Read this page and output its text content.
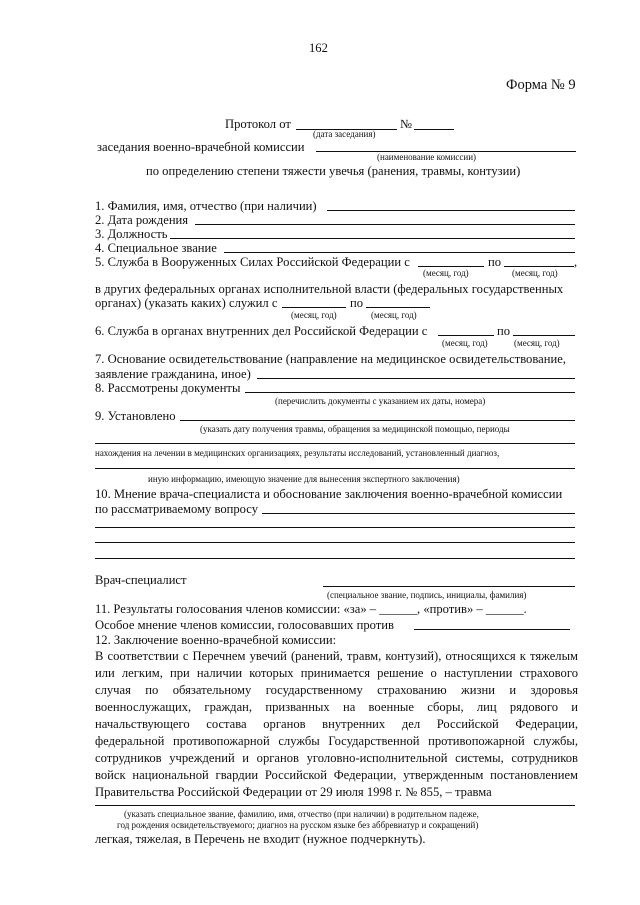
162
Форма № 9
Протокол от	№
(дата заседания)
заседания военно-врачебной комиссии
(наименование комиссии)
по определению степени тяжести увечья (ранения, травмы, контузии)
1. Фамилия, имя, отчество (при наличии)
2. Дата рождения
3. Должность
4. Специальное звание
5. Служба в Вооруженных Силах Российской Федерации с	по	,
(месяц, год)	(месяц, год)
в других федеральных органах исполнительной власти (федеральных государственных
органах) (указать каких) служил с	по
(месяц, год)	(месяц, год)
6. Служба в органах внутренних дел Российской Федерации с	по
(месяц, год)	(месяц, год)
7. Основание освидетельствование (направление на медицинское освидетельствование,
заявление гражданина, иное)
8. Рассмотрены документы
(перечислить документы с указанием их даты, номера)
9. Установлено
(указать дату получения травмы, обращения за медицинской помощью, периоды
нахождения на лечении в медицинских организациях, результаты исследований, установленный диагноз,
иную информацию, имеющую значение для вынесения экспертного заключения)
10. Мнение врача-специалиста и обоснование заключения военно-врачебной комиссии
по рассматриваемому вопросу
Врач-специалист
(специальное звание, подпись, инициалы, фамилия)
11. Результаты голосования членов комиссии: «за» – ______, «против» – ______.
Особое мнение членов комиссии, голосовавших против
12. Заключение военно-врачебной комиссии:
В соответствии с Перечнем увечий (ранений, травм, контузий), относящихся к тяжелым
или легким, при наличии которых принимается решение о наступлении страхового
случая по обязательному государственному страхованию жизни и здоровья
военнослужащих, граждан, призванных на военные сборы, лиц рядового и
начальствующего состава органов внутренних дел Российской Федерации,
федеральной противопожарной службы Государственной противопожарной службы,
сотрудников учреждений и органов уголовно-исполнительной системы, сотрудников
войск национальной гвардии Российской Федерации, утвержденным постановлением
Правительства Российской Федерации от 29 июля 1998 г. № 855, – травма
(указать специальное звание, фамилию, имя, отчество (при наличии) в родительном падеже,
год рождения освидетельствуемого; диагноз на русском языке без аббревиатур и сокращений)
легкая, тяжелая, в Перечень не входит (нужное подчеркнуть).
